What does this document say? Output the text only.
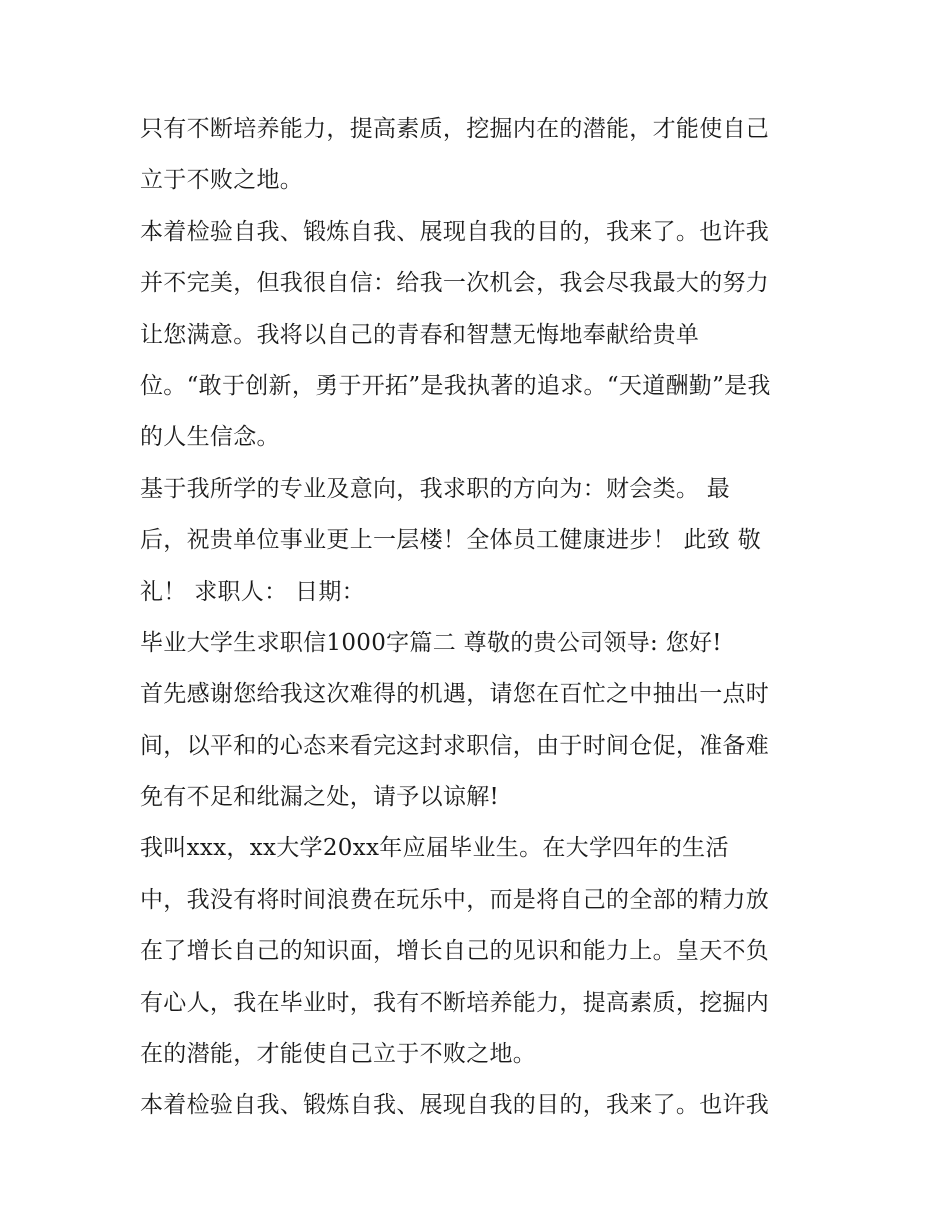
只有不断培养能力，提高素质，挖掘内在的潜能，才能使自己
立于不败之地。
本着检验自我、锻炼自我、展现自我的目的，我来了。也许我
并不完美，但我很自信：给我一次机会，我会尽我最大的努力
让您满意。我将以自己的青春和智慧无悔地奉献给贵单
位。“敢于创新，勇于开拓”是我执著的追求。“天道酬勤”是我
的人生信念。
基于我所学的专业及意向，我求职的方向为：财会类。 最
后，祝贵单位事业更上一层楼！全体员工健康进步！ 此致 敬
礼！ 求职人： 日期：
毕业大学生求职信1000字篇二 尊敬的贵公司领导: 您好!
首先感谢您给我这次难得的机遇，请您在百忙之中抽出一点时
间，以平和的心态来看完这封求职信，由于时间仓促，准备难
免有不足和纰漏之处，请予以谅解!
我叫xxx，xx大学20xx年应届毕业生。在大学四年的生活
中，我没有将时间浪费在玩乐中，而是将自己的全部的精力放
在了增长自己的知识面，增长自己的见识和能力上。皇天不负
有心人，我在毕业时，我有不断培养能力，提高素质，挖掘内
在的潜能，才能使自己立于不败之地。
本着检验自我、锻炼自我、展现自我的目的，我来了。也许我
